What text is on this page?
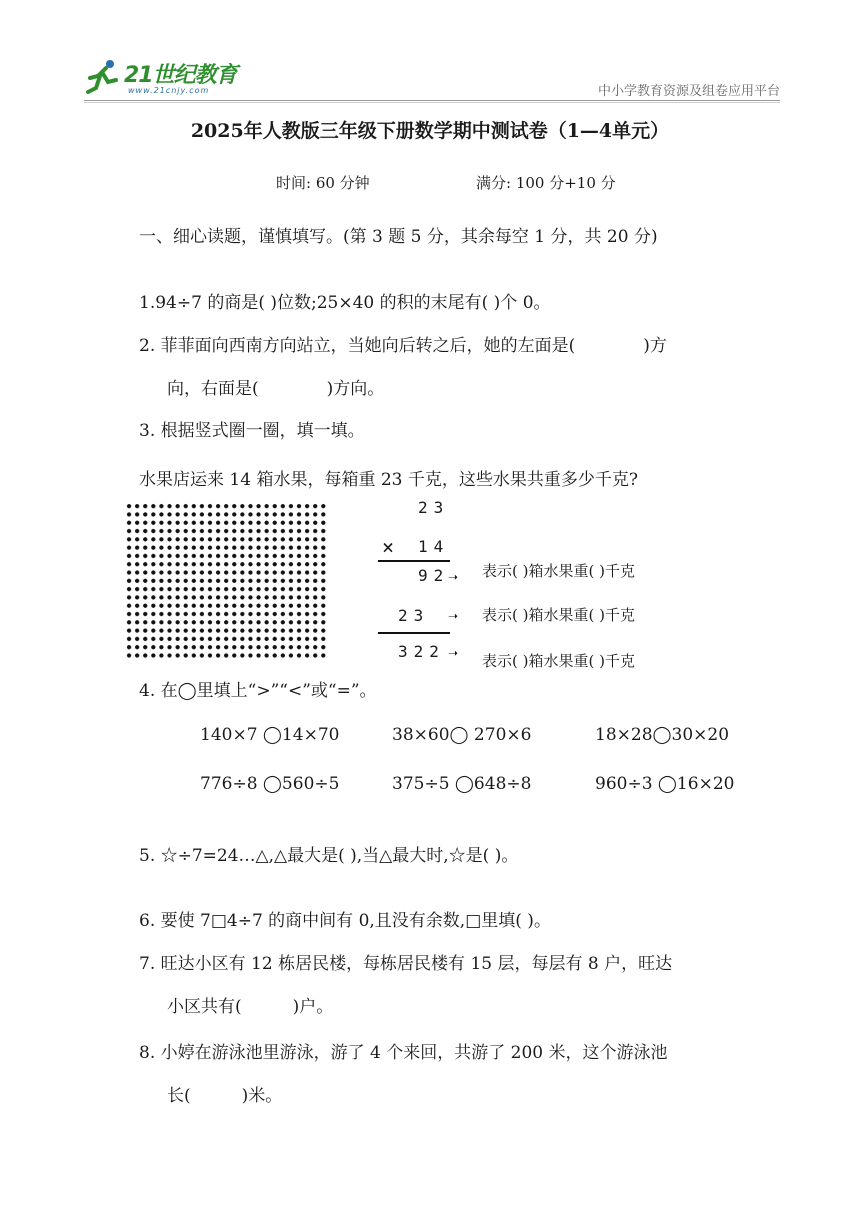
21世纪教育
www.21cnjy.com	中小学教育资源及组卷应用平台
2025年人教版三年级下册数学期中测试卷（1—4单元）
时间: 60 分钟	满分: 100 分+10 分
一、细心读题，谨慎填写。(第 3 题 5 分，其余每空 1 分，共 20 分)
1.94÷7 的商是( )位数;25×40 的积的末尾有( )个 0。
2. 菲菲面向西南方向站立，当她向后转之后，她的左面是(　　　　)方
向，右面是(　　　　)方向。
3. 根据竖式圈一圈，填一填。
水果店运来 14 箱水果，每箱重 23 千克，这些水果共重多少千克?
23
× 14
92
➝
23 ➝
322 ➝
表示( )箱水果重( )千克
表示( )箱水果重( )千克
表示( )箱水果重( )千克
4. 在◯里填上“>”“<”或“=”。
140×7 ◯14×70	38×60◯ 270×6	18×28◯30×20
776÷8 ◯560÷5	375÷5 ◯648÷8	960÷3 ◯16×20
5. ☆÷7=24…△,△最大是( ),当△最大时,☆是( )。
6. 要使 7□4÷7 的商中间有 0,且没有余数,□里填( )。
7. 旺达小区有 12 栋居民楼，每栋居民楼有 15 层，每层有 8 户，旺达
小区共有(　　　)户。
8. 小婷在游泳池里游泳，游了 4 个来回，共游了 200 米，这个游泳池
长(　　　)米。
